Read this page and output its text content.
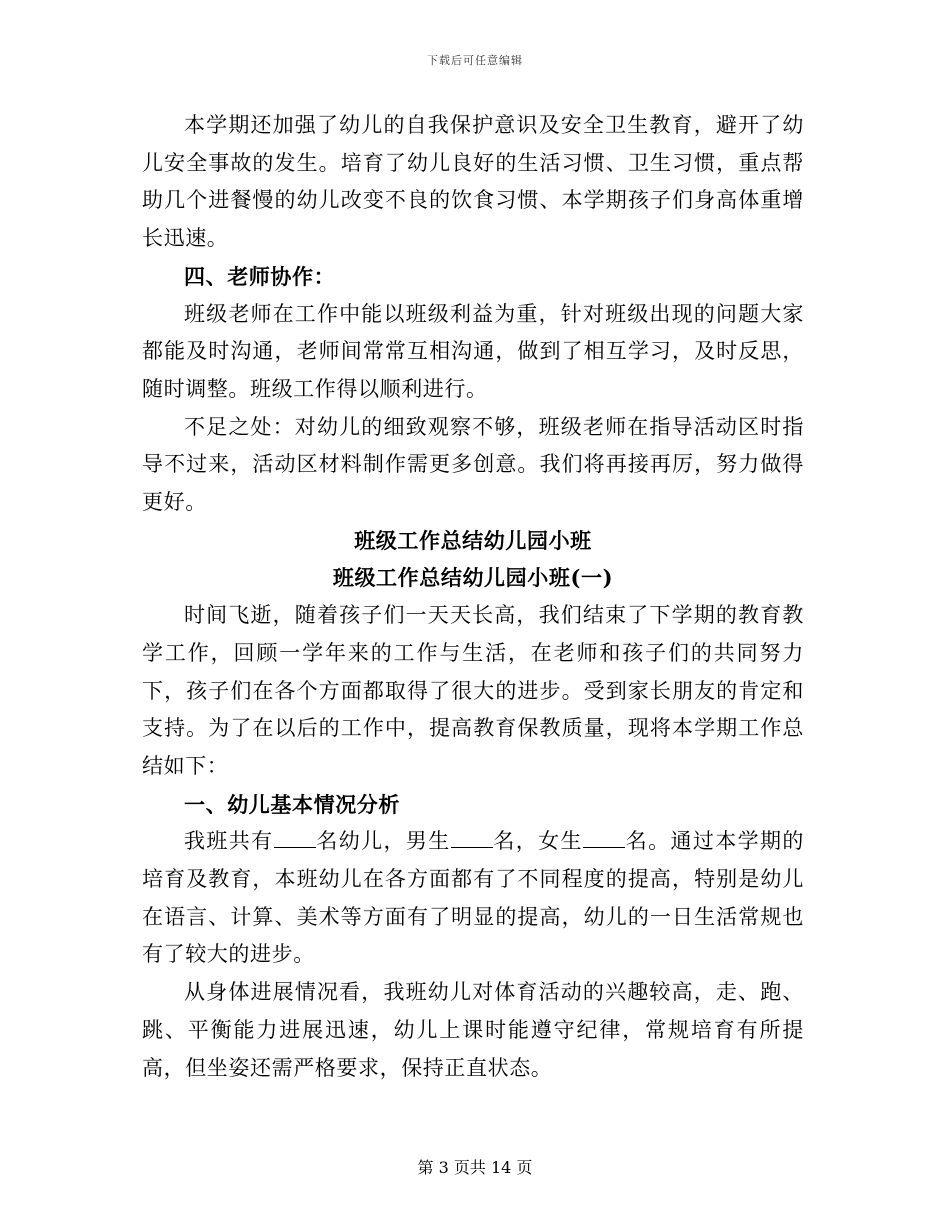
下载后可任意编辑

本学期还加强了幼儿的自我保护意识及安全卫生教育，避开了幼儿安全事故的发生。培育了幼儿良好的生活习惯、卫生习惯，重点帮助几个进餐慢的幼儿改变不良的饮食习惯、本学期孩子们身高体重增长迅速。

四、老师协作：

班级老师在工作中能以班级利益为重，针对班级出现的问题大家都能及时沟通，老师间常常互相沟通，做到了相互学习，及时反思，随时调整。班级工作得以顺利进行。

不足之处：对幼儿的细致观察不够，班级老师在指导活动区时指导不过来，活动区材料制作需更多创意。我们将再接再厉，努力做得更好。

班级工作总结幼儿园小班

班级工作总结幼儿园小班(一)

时间飞逝，随着孩子们一天天长高，我们结束了下学期的教育教学工作，回顾一学年来的工作与生活，在老师和孩子们的共同努力下，孩子们在各个方面都取得了很大的进步。受到家长朋友的肯定和支持。为了在以后的工作中，提高教育保教质量，现将本学期工作总结如下：

一、幼儿基本情况分析

我班共有 名幼儿，男生 名，女生 名。通过本学期的培育及教育，本班幼儿在各方面都有了不同程度的提高，特别是幼儿在语言、计算、美术等方面有了明显的提高，幼儿的一日生活常规也有了较大的进步。

从身体进展情况看，我班幼儿对体育活动的兴趣较高，走、跑、跳、平衡能力进展迅速，幼儿上课时能遵守纪律，常规培育有所提高，但坐姿还需严格要求，保持正直状态。

第 3 页共 14 页
